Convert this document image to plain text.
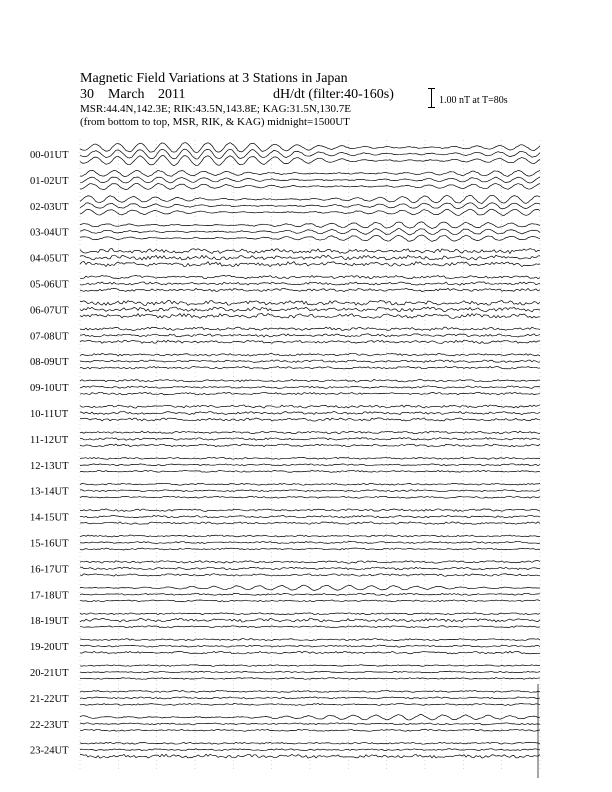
00-01UT
01-02UT
02-03UT
03-04UT
04-05UT
05-06UT
06-07UT
07-08UT
08-09UT
09-10UT
10-11UT
11-12UT
12-13UT
13-14UT
14-15UT
15-16UT
16-17UT
17-18UT
18-19UT
19-20UT
20-21UT
21-22UT
22-23UT
23-24UT
Magnetic Field Variations at 3 Stations in Japan
30 March 2011	dH/dt (filter:40-160s)
MSR:44.4N,142.3E; RIK:43.5N,143.8E; KAG:31.5N,130.7E
(from bottom to top, MSR, RIK, & KAG) midnight=1500UT
1.00 nT at T=80s
